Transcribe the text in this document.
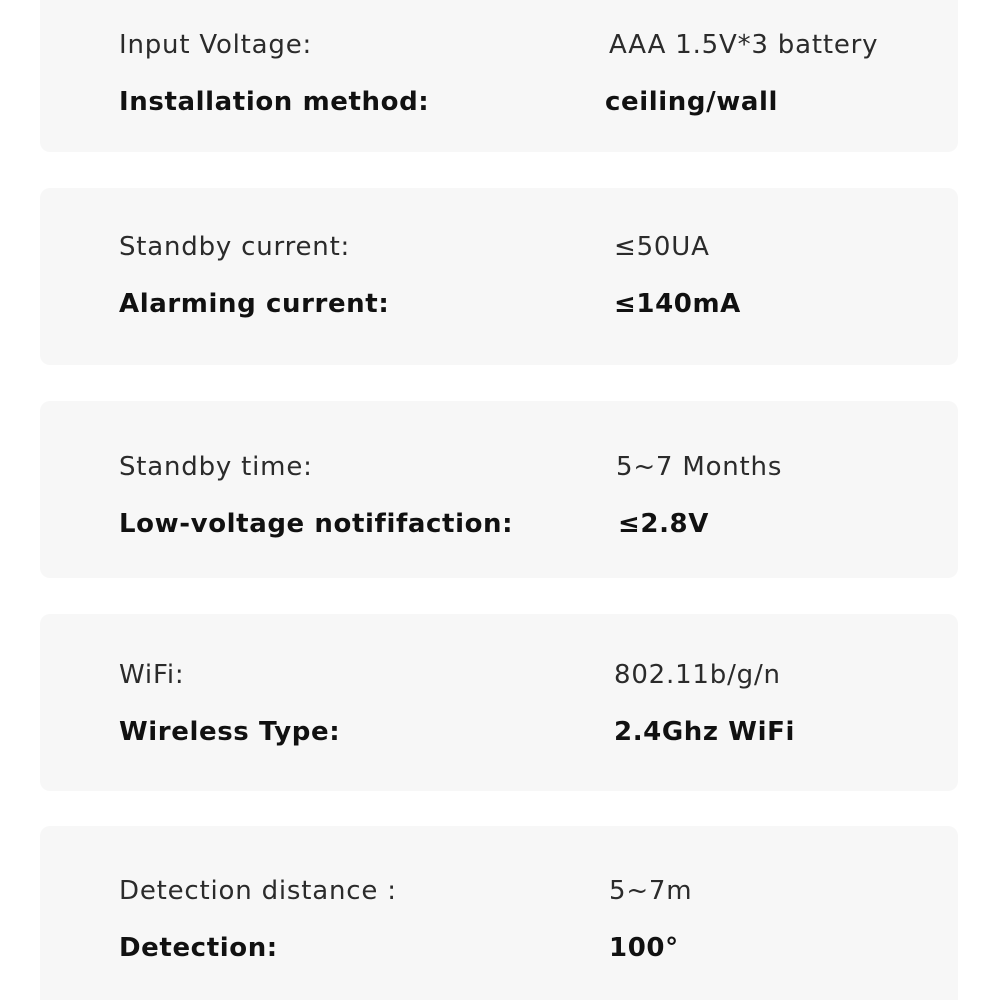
Input Voltage:	AAA 1.5V*3 battery
Installation method:	ceiling/wall
Standby current:	≤50UA
Alarming current:	≤140mA
Standby time:	5~7 Months
Low-voltage notififaction:	≤2.8V
WiFi:	802.11b/g/n
Wireless Type:	2.4Ghz WiFi
Detection distance :	5~7m
Detection:	100°
